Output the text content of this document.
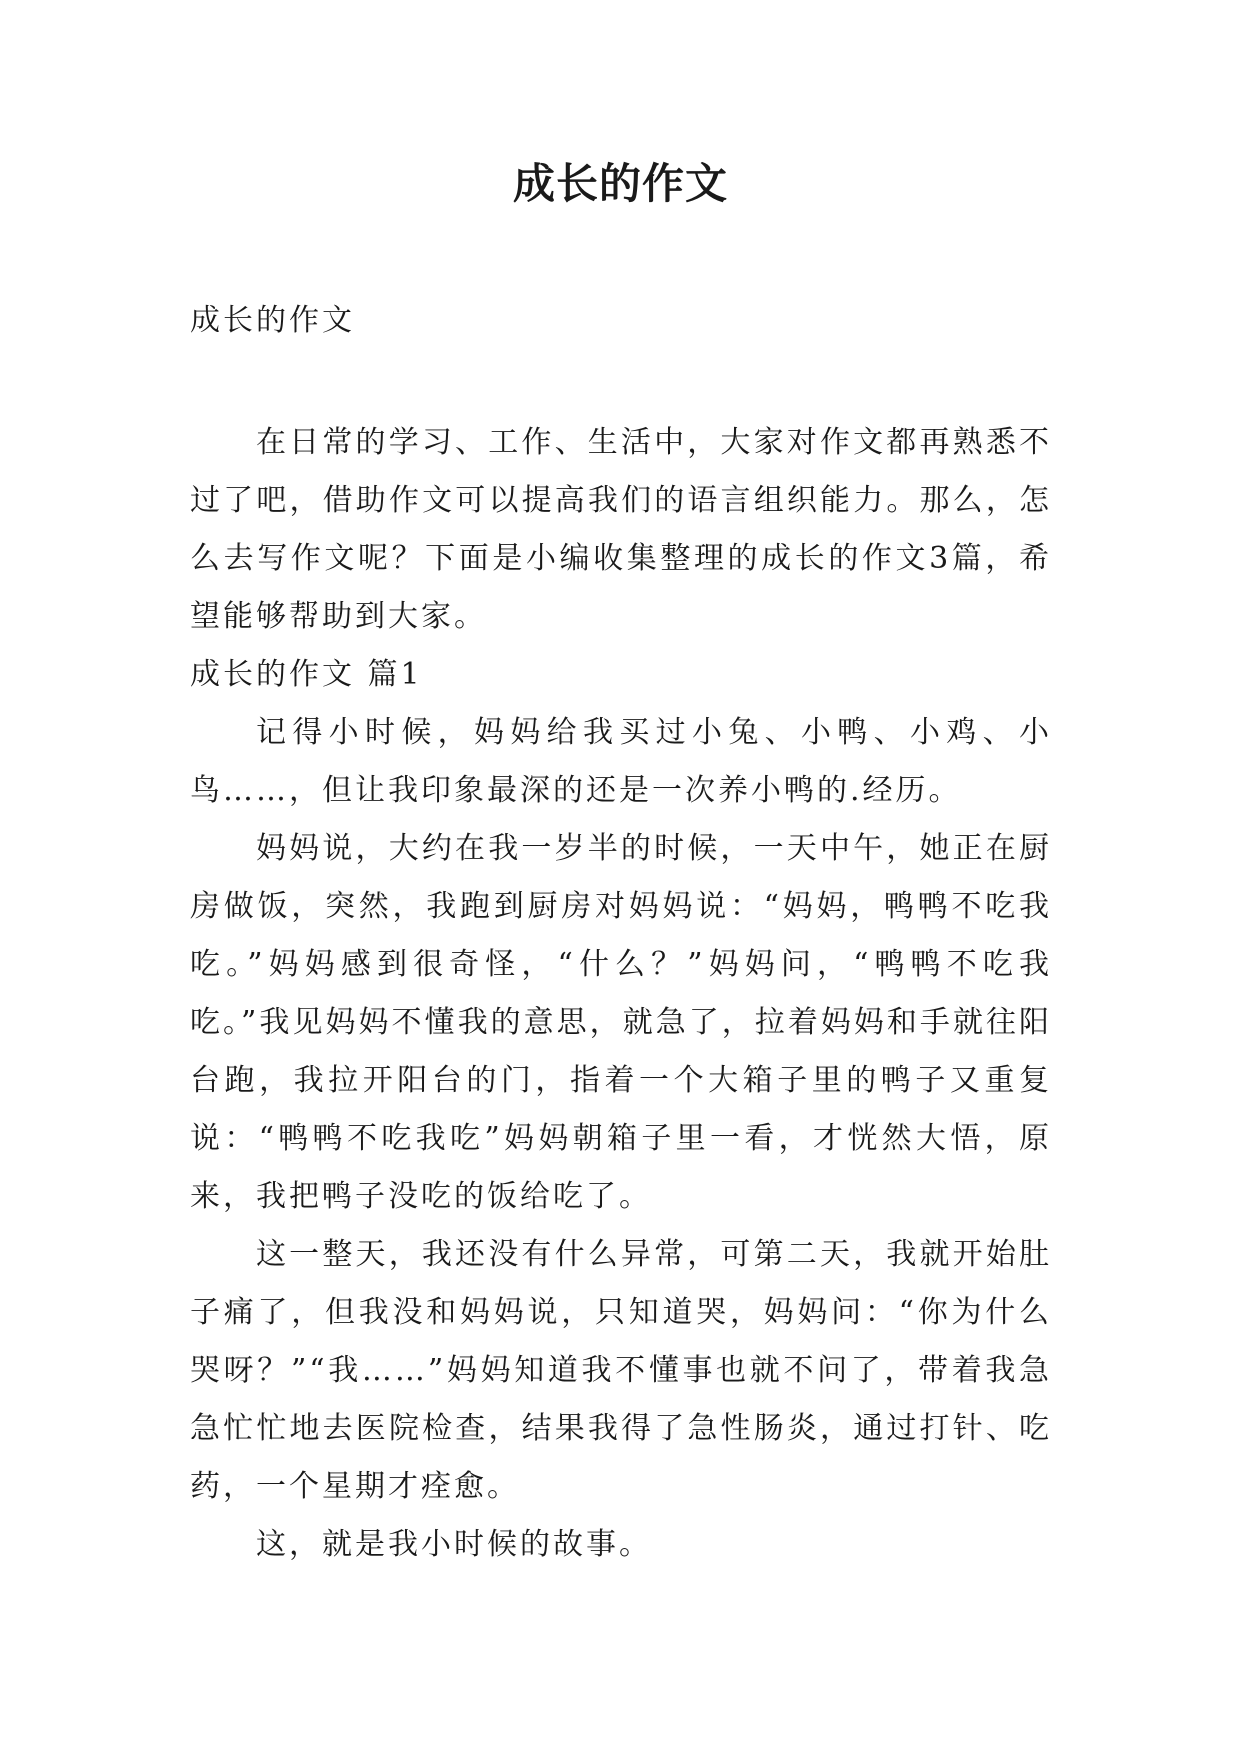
成长的作文

成长的作文

在日常的学习、工作、生活中，大家对作文都再熟悉不过了吧，借助作文可以提高我们的语言组织能力。那么，怎么去写作文呢？下面是小编收集整理的成长的作文3篇，希望能够帮助到大家。

成长的作文 篇1

记得小时候，妈妈给我买过小兔、小鸭、小鸡、小鸟……，但让我印象最深的还是一次养小鸭的.经历。

妈妈说，大约在我一岁半的时候，一天中午，她正在厨房做饭，突然，我跑到厨房对妈妈说：“妈妈，鸭鸭不吃我吃。”妈妈感到很奇怪，“什么？”妈妈问，“鸭鸭不吃我吃。”我见妈妈不懂我的意思，就急了，拉着妈妈和手就往阳台跑，我拉开阳台的门，指着一个大箱子里的鸭子又重复说：“鸭鸭不吃我吃”妈妈朝箱子里一看，才恍然大悟，原来，我把鸭子没吃的饭给吃了。

这一整天，我还没有什么异常，可第二天，我就开始肚子痛了，但我没和妈妈说，只知道哭，妈妈问：“你为什么哭呀？”“我……”妈妈知道我不懂事也就不问了，带着我急急忙忙地去医院检查，结果我得了急性肠炎，通过打针、吃药，一个星期才痊愈。

这，就是我小时候的故事。
